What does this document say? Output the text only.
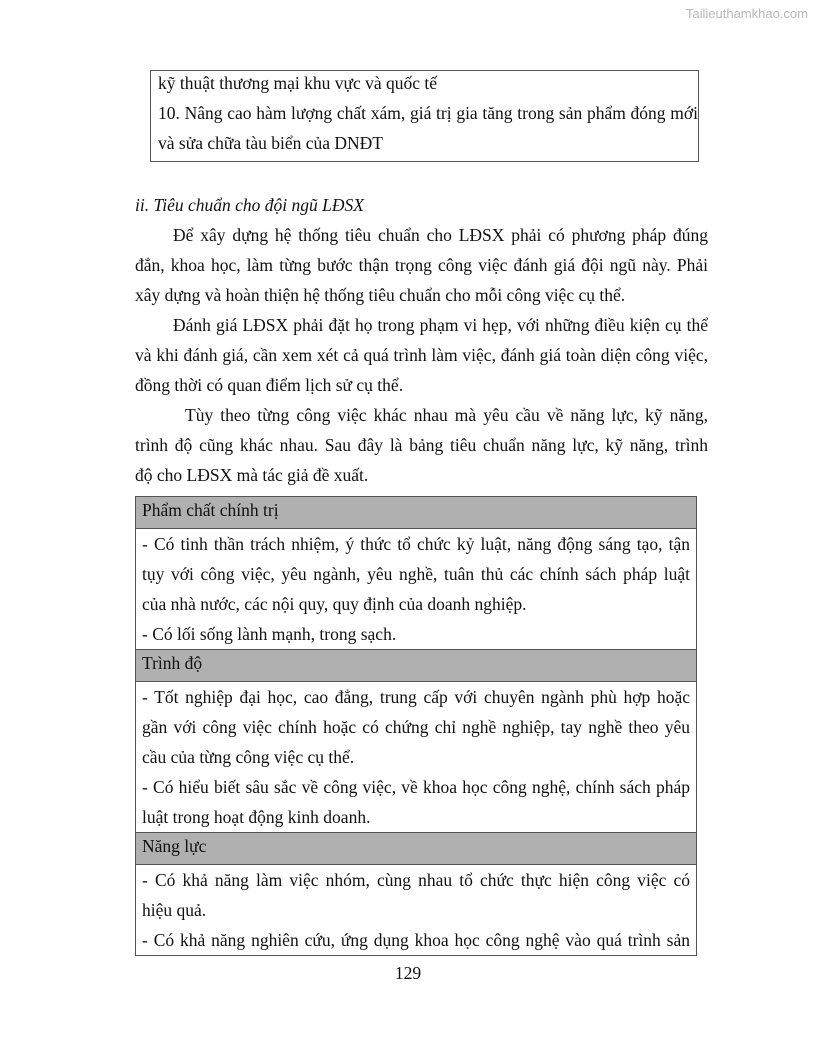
Tailieuthamkhao.com
kỹ thuật thương mại khu vực và quốc tế
10. Nâng cao hàm lượng chất xám, giá trị gia tăng trong sản phẩm đóng mới
và sửa chữa tàu biển của DNĐT
ii. Tiêu chuẩn cho đội ngũ LĐSX
Để xây dựng hệ thống tiêu chuẩn cho LĐSX phải có phương pháp đúng
đắn, khoa học, làm từng bước thận trọng công việc đánh giá đội ngũ này. Phải
xây dựng và hoàn thiện hệ thống tiêu chuẩn cho mỗi công việc cụ thể.
Đánh giá LĐSX phải đặt họ trong phạm vi hẹp, với những điều kiện cụ thể
và khi đánh giá, cần xem xét cả quá trình làm việc, đánh giá toàn diện công việc,
đồng thời có quan điểm lịch sử cụ thể.
Tùy theo từng công việc khác nhau mà yêu cầu về năng lực, kỹ năng,
trình độ cũng khác nhau. Sau đây là bảng tiêu chuẩn năng lực, kỹ năng, trình
độ cho LĐSX mà tác giả đề xuất.
Phẩm chất chính trị

- Có tinh thần trách nhiệm, ý thức tổ chức kỷ luật, năng động sáng tạo, tận
tụy với công việc, yêu ngành, yêu nghề, tuân thủ các chính sách pháp luật
của nhà nước, các nội quy, quy định của doanh nghiệp.
- Có lối sống lành mạnh, trong sạch.

Trình độ

- Tốt nghiệp đại học, cao đẳng, trung cấp với chuyên ngành phù hợp hoặc
gần với công việc chính hoặc có chứng chỉ nghề nghiệp, tay nghề theo yêu
cầu của từng công việc cụ thể.
- Có hiểu biết sâu sắc về công việc, về khoa học công nghệ, chính sách pháp
luật trong hoạt động kinh doanh.

Năng lực

- Có khả năng làm việc nhóm, cùng nhau tổ chức thực hiện công việc có
hiệu quả.
- Có khả năng nghiên cứu, ứng dụng khoa học công nghệ vào quá trình sản
129
